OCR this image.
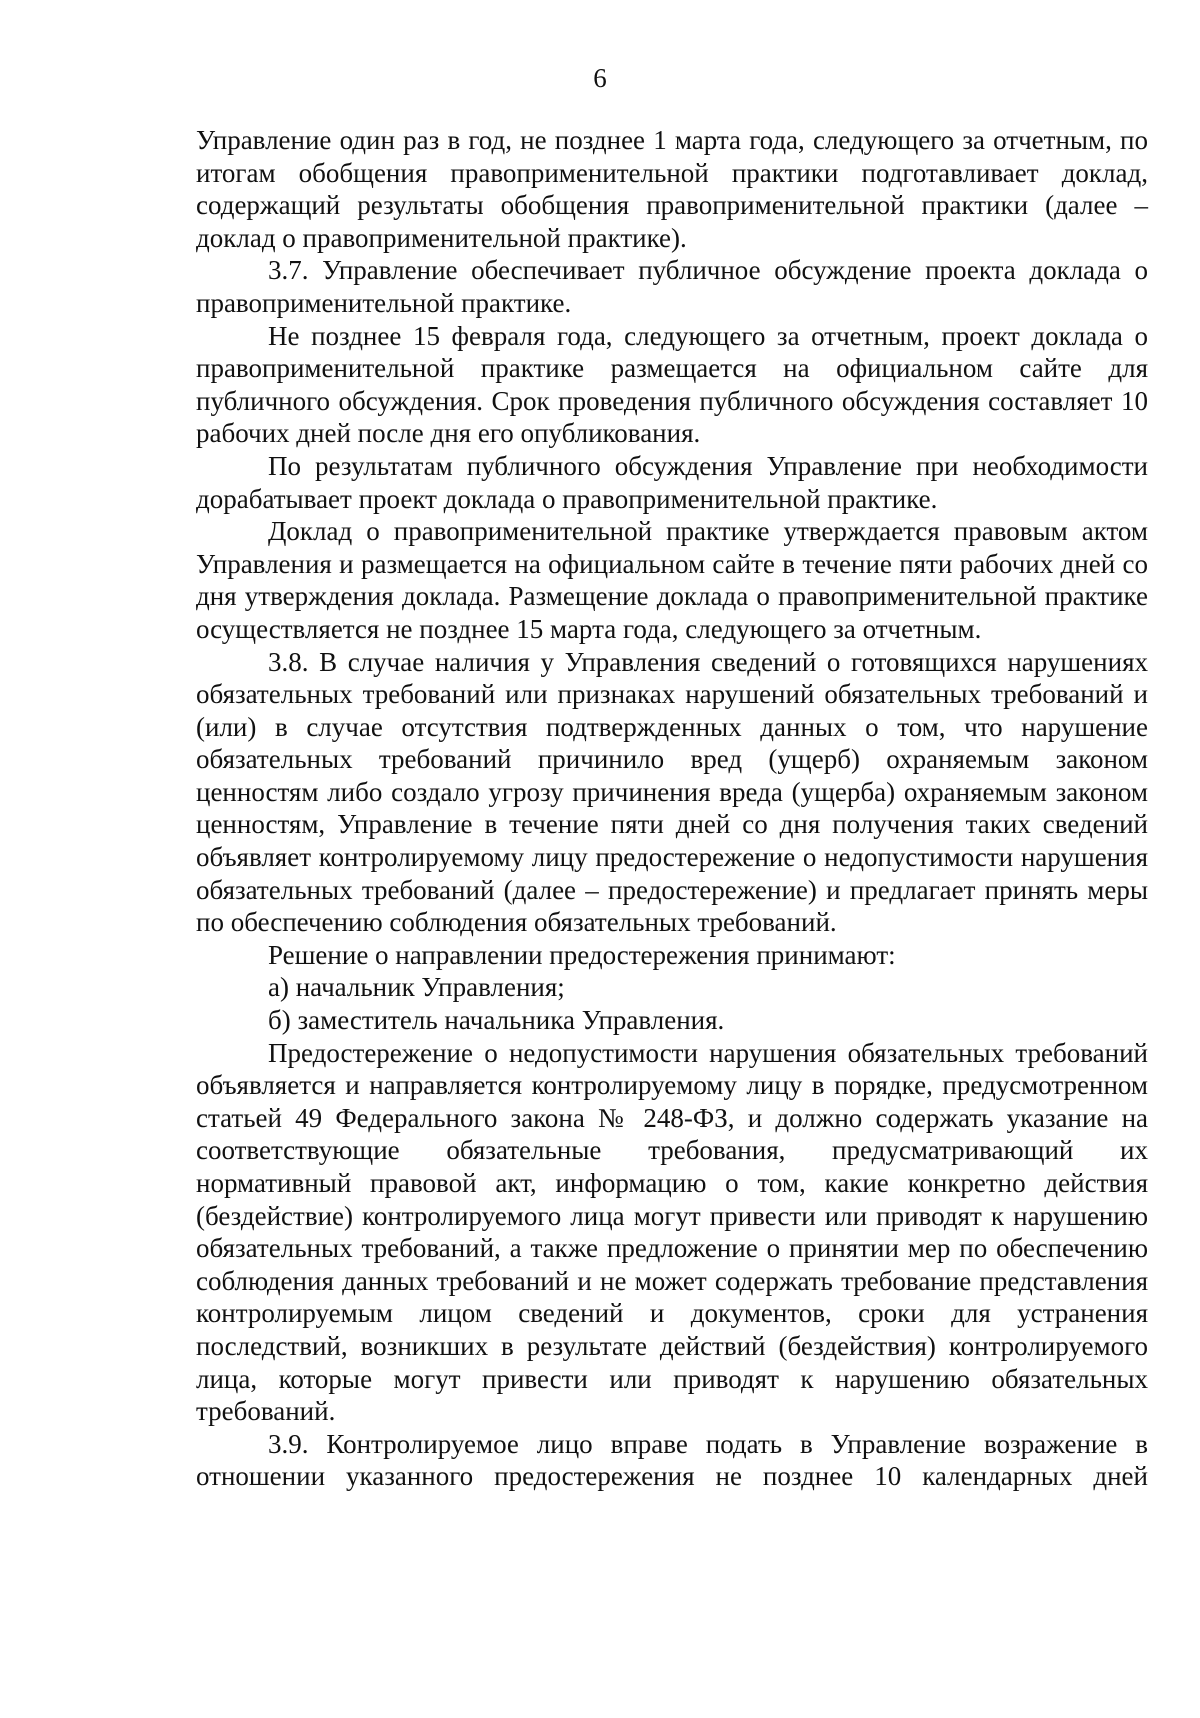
6

Управление один раз в год, не позднее 1 марта года, следующего за отчетным, по итогам обобщения правоприменительной практики подготавливает доклад, содержащий результаты обобщения правоприменительной практики (далее – доклад о правоприменительной практике).

3.7. Управление обеспечивает публичное обсуждение проекта доклада о правоприменительной практике.

Не позднее 15 февраля года, следующего за отчетным, проект доклада о правоприменительной практике размещается на официальном сайте для публичного обсуждения. Срок проведения публичного обсуждения составляет 10 рабочих дней после дня его опубликования.

По результатам публичного обсуждения Управление при необходимости дорабатывает проект доклада о правоприменительной практике.

Доклад о правоприменительной практике утверждается правовым актом Управления и размещается на официальном сайте в течение пяти рабочих дней со дня утверждения доклада. Размещение доклада о правоприменительной практике осуществляется не позднее 15 марта года, следующего за отчетным.

3.8. В случае наличия у Управления сведений о готовящихся нарушениях обязательных требований или признаках нарушений обязательных требований и (или) в случае отсутствия подтвержденных данных о том, что нарушение обязательных требований причинило вред (ущерб) охраняемым законом ценностям либо создало угрозу причинения вреда (ущерба) охраняемым законом ценностям, Управление в течение пяти дней со дня получения таких сведений объявляет контролируемому лицу предостережение о недопустимости нарушения обязательных требований (далее – предостережение) и предлагает принять меры по обеспечению соблюдения обязательных требований.

Решение о направлении предостережения принимают:

а) начальник Управления;

б) заместитель начальника Управления.

Предостережение о недопустимости нарушения обязательных требований объявляется и направляется контролируемому лицу в порядке, предусмотренном статьей 49 Федерального закона № 248-ФЗ, и должно содержать указание на соответствующие обязательные требования, предусматривающий их нормативный правовой акт, информацию о том, какие конкретно действия (бездействие) контролируемого лица могут привести или приводят к нарушению обязательных требований, а также предложение о принятии мер по обеспечению соблюдения данных требований и не может содержать требование представления контролируемым лицом сведений и документов, сроки для устранения последствий, возникших в результате действий (бездействия) контролируемого лица, которые могут привести или приводят к нарушению обязательных требований.

3.9. Контролируемое лицо вправе подать в Управление возражение в отношении указанного предостережения не позднее 10 календарных дней
